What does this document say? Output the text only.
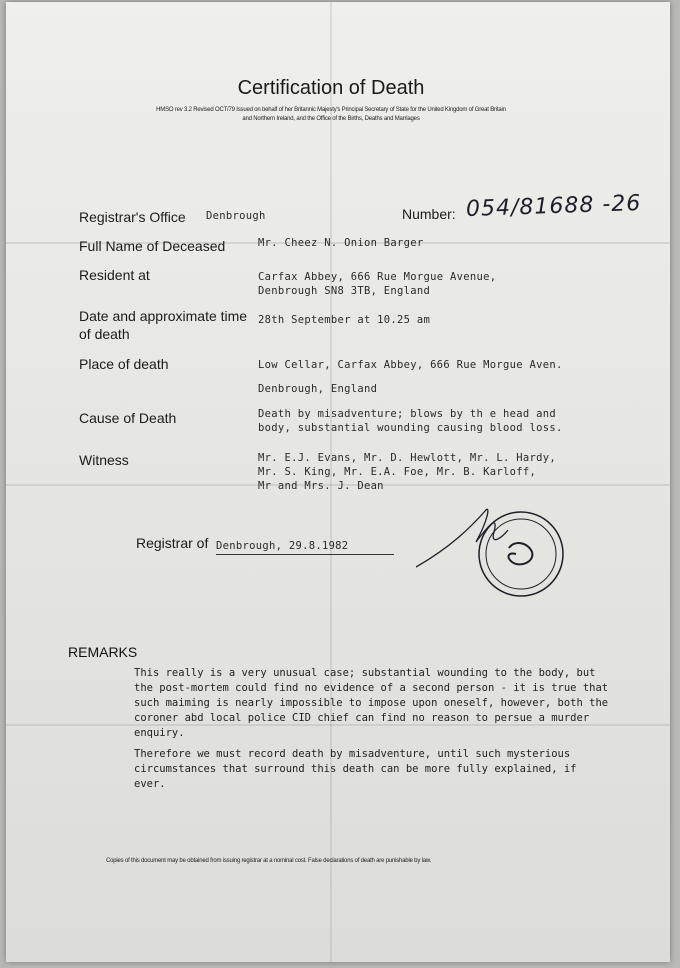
Certification of Death
HMSO rev 3.2 Revised OCT/79 Issued on behalf of her Britannic Majesty's Principal Secretary of State for the United Kingdom of Great Britain and Northern Ireland, and the Office of the Births, Deaths and Marriages
Registrar's Office Denbrough	Number: 054/81688 -26
Full Name of Deceased	Mr. Cheez N. Onion Barger
Resident at	Carfax Abbey, 666 Rue Morgue Avenue,
Denbrough SN8 3TB, England
Date and approximate time of death
28th September at 10.25 am
Place of death	Low Cellar, Carfax Abbey, 666 Rue Morgue Aven.
Denbrough, England
Cause of Death	Death by misadventure; blows by th e head and
body, substantial wounding causing blood loss.
Witness	Mr. E.J. Evans, Mr. D. Hewlott, Mr. L. Hardy,
Mr. S. King, Mr. E.A. Foe, Mr. B. Karloff,
Mr and Mrs. J. Dean
Registrar of Denbrough, 29.8.1982
REMARKS

This really is a very unusual case; substantial wounding to the body, but the post-mortem could find no evidence of a second person - it is true that such maiming is nearly impossible to impose upon oneself, however, both the coroner abd local police CID chief can find no reason to persue a murder enquiry.

Therefore we must record death by misadventure, until such mysterious circumstances that surround this death can be more fully explained, if ever.

Copies of this document may be obtained from issuing registrar at a nominal cost. False declarations of death are punishable by law.
